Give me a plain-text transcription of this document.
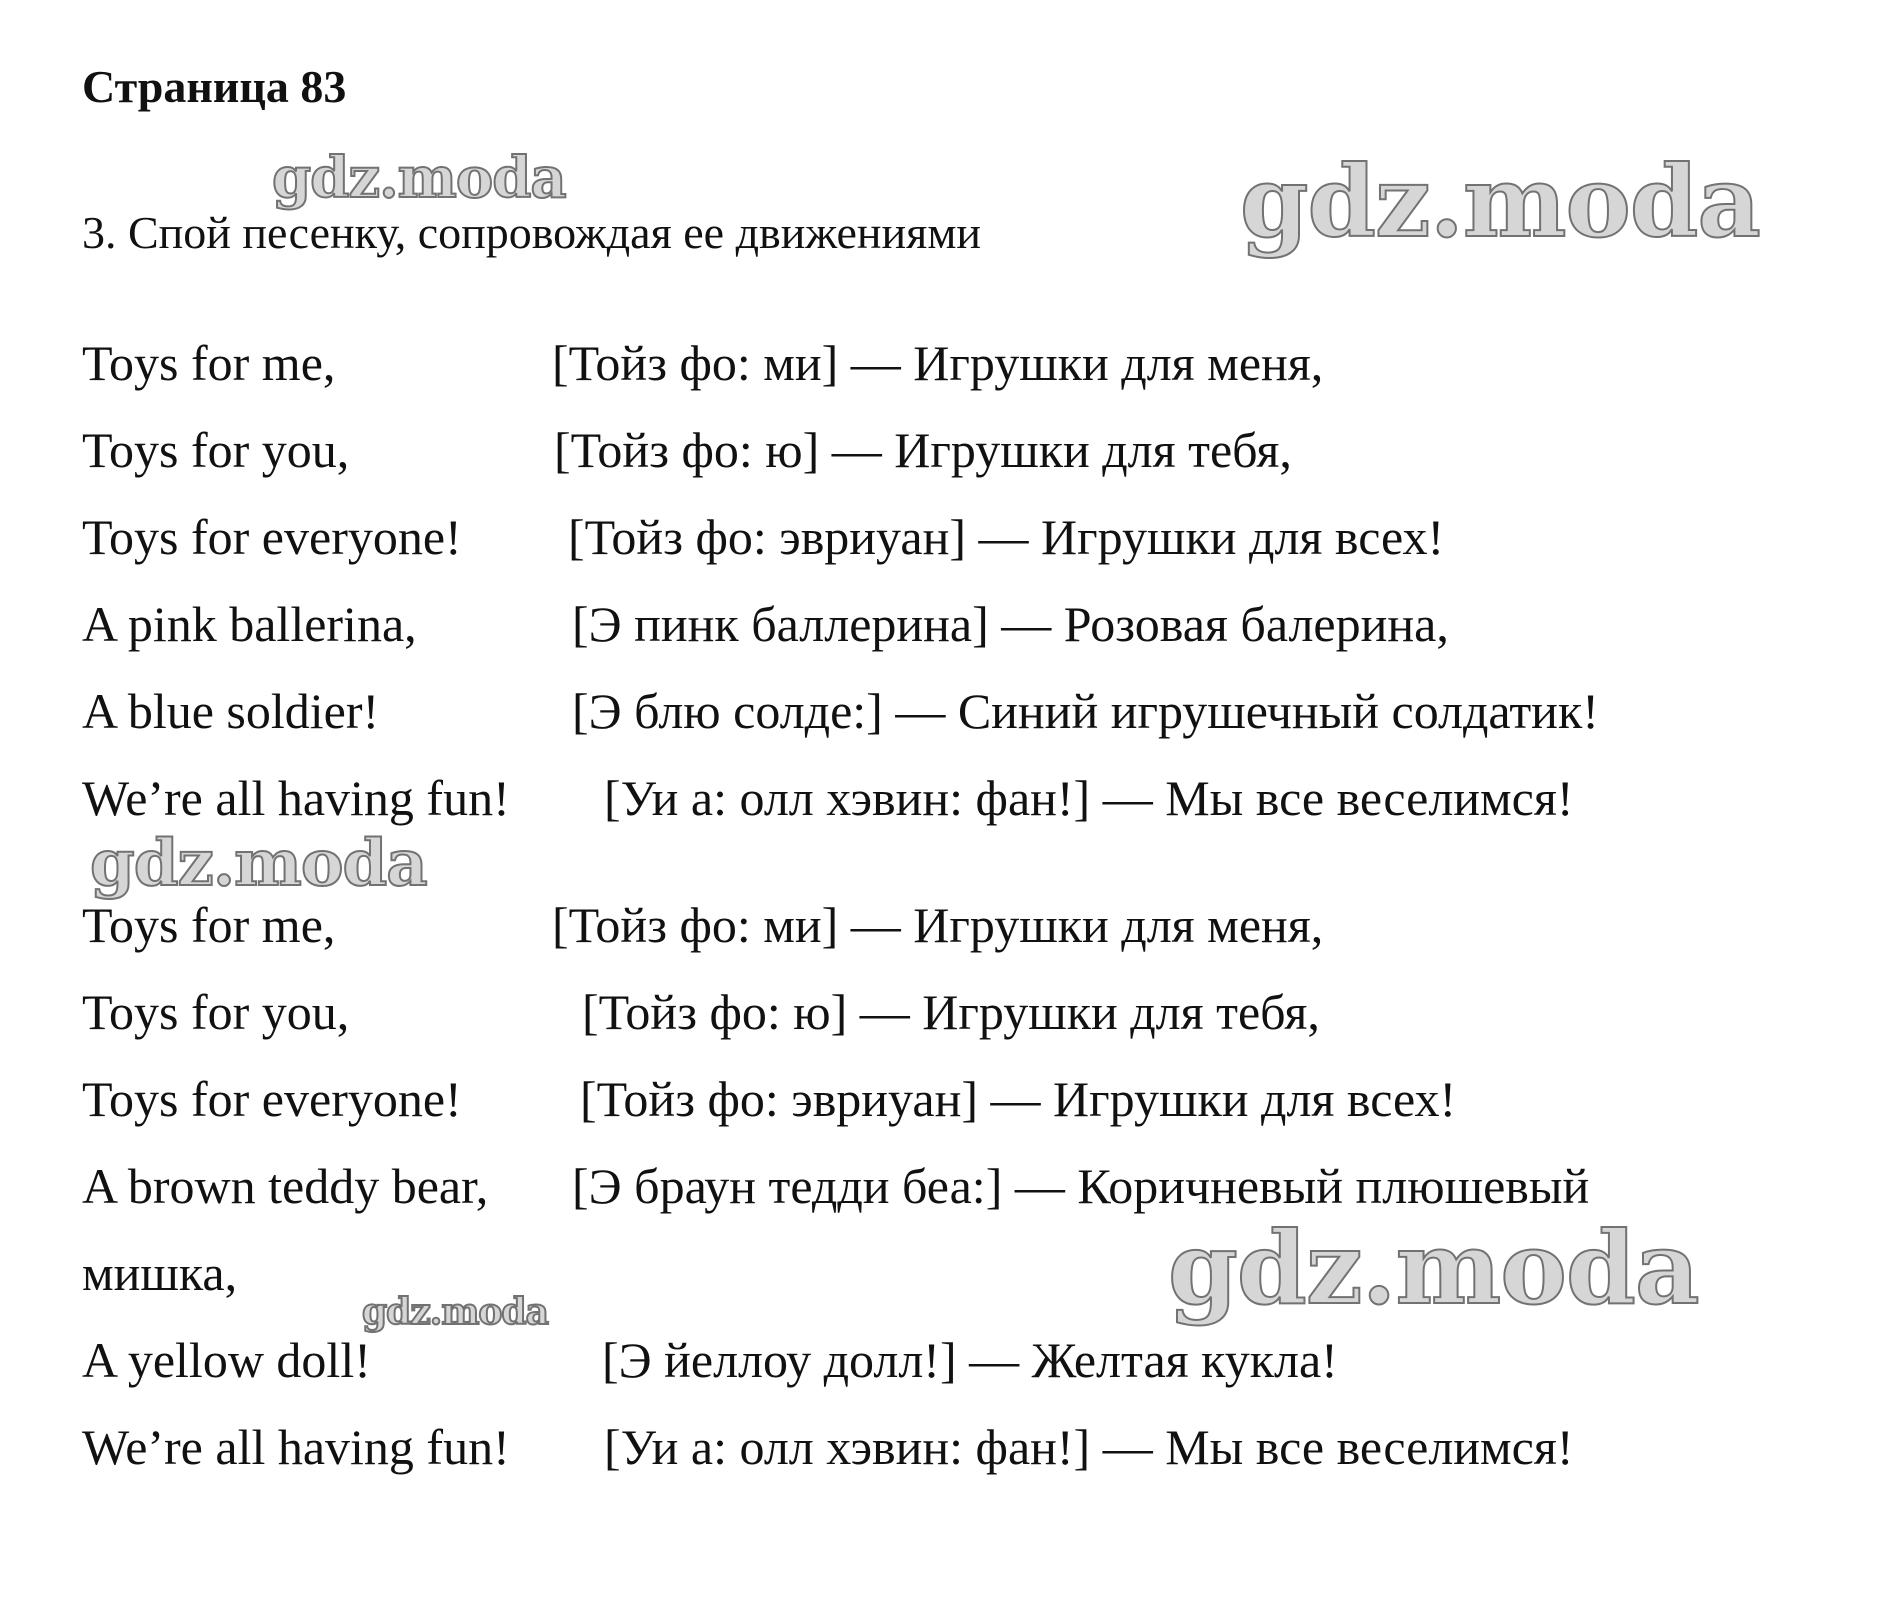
Страница 83
gdz.moda
3. Спой песенку, сопровождая ее движениями	gdz.moda
Toys for me,	[Тойз фо: ми] — Игрушки для меня,
Toys for you,	[Тойз фо: ю] — Игрушки для тебя,
Toys for everyone! [Тойз фо: эвриуан] — Игрушки для всех!
A pink ballerina,	[Э пинк баллерина] — Розовая балерина,
A blue soldier!	[Э блю солде:] — Синий игрушечный солдатик!
We’re all having fun! [Уи а: олл хэвин: фан!] — Мы все веселимся!
gdz.moda
Toys for me,	[Тойз фо: ми] — Игрушки для меня,
Toys for you,	[Тойз фо: ю] — Игрушки для тебя,
Toys for everyone! [Тойз фо: эвриуан] — Игрушки для всех!
A brown teddy bear, [Э браун тедди беа:] — Коричневый плюшевый
мишка,	gdz.moda
gdz.moda
A yellow doll!	[Э йеллоу долл!] — Желтая кукла!
We’re all having fun! [Уи а: олл хэвин: фан!] — Мы все веселимся!
